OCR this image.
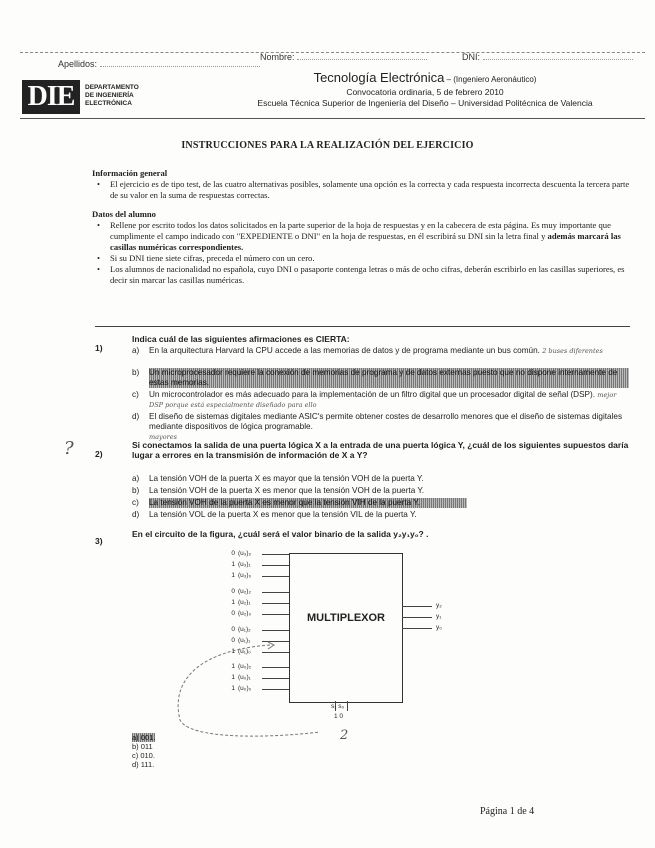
Apellidos:
Nombre:	DNI:
DIE	DEPARTAMENTO
DE INGENIERÍA
ELECTRÓNICA
Tecnología Electrónica – (Ingeniero Aeronáutico)
Convocatoria ordinaria, 5 de febrero 2010
Escuela Técnica Superior de Ingeniería del Diseño – Universidad Politécnica de Valencia
INSTRUCCIONES PARA LA REALIZACIÓN DEL EJERCICIO
Información general
• El ejercicio es de tipo test, de las cuatro alternativas posibles, solamente una opción es la correcta y cada respuesta incorrecta descuenta la tercera parte de su valor en la suma de respuestas correctas.
Datos del alumno
• Rellene por escrito todos los datos solicitados en la parte superior de la hoja de respuestas y en la cabecera de esta página. Es muy importante que cumplimente el campo indicado con "EXPEDIENTE o DNI" en la hoja de respuestas, en él escribirá su DNI sin la letra final y además marcará las casillas numéricas correspondientes.
• Si su DNI tiene siete cifras, preceda el número con un cero.
• Los alumnos de nacionalidad no española, cuyo DNI o pasaporte contenga letras o más de ocho cifras, deberán escribirlo en las casillas superiores, es decir sin marcar las casillas numéricas.
1)
Indica cuál de las siguientes afirmaciones es CIERTA:
a) En la arquitectura Harvard la CPU accede a las memorias de datos y de programa mediante un bus común. 2 buses diferentes
b) Un microprocesador requiere la conexión de memorias de programa y de datos externas puesto que no dispone internamente de estas memorias.
c) Un microcontrolador es más adecuado para la implementación de un filtro digital que un procesador digital de señal (DSP). mejor DSP porque está especialmente diseñado para ello
d) El diseño de sistemas digitales mediante ASIC's permite obtener costes de desarrollo menores que el diseño de sistemas digitales mediante dispositivos de lógica programable.
mayores
?	2)
Si conectamos la salida de una puerta lógica X a la entrada de una puerta lógica Y, ¿cuál de los siguientes supuestos daría lugar a errores en la transmisión de información de X a Y?
a) La tensión VOH de la puerta X es mayor que la tensión VOH de la puerta Y.
b) La tensión VOH de la puerta X es menor que la tensión VOH de la puerta Y.
c) La tensión VOH de la puerta X es menor que la tensión VIH de la puerta Y.
d) La tensión VOL de la puerta X es menor que la tensión VIL de la puerta Y.
3)
En el circuito de la figura, ¿cuál será el valor binario de la salida y₂y₁y₀? .
MULTIPLEXOR
0 (u₃)₂
1 (u₃)₁
1 (u₃)₀
0 (u₂)₂
1 (u₂)₁
0 (u₂)₀
0 (u₁)₂
0 (u₁)₁
1 (u₁)₀
1 (u₀)₂
1 (u₀)₁
1 (u₀)₀
y₂
y₁
y₀
s₁ s₀
1 0
2
a) 001.
b) 011
c) 010.
d) 111.
Página 1 de 4
